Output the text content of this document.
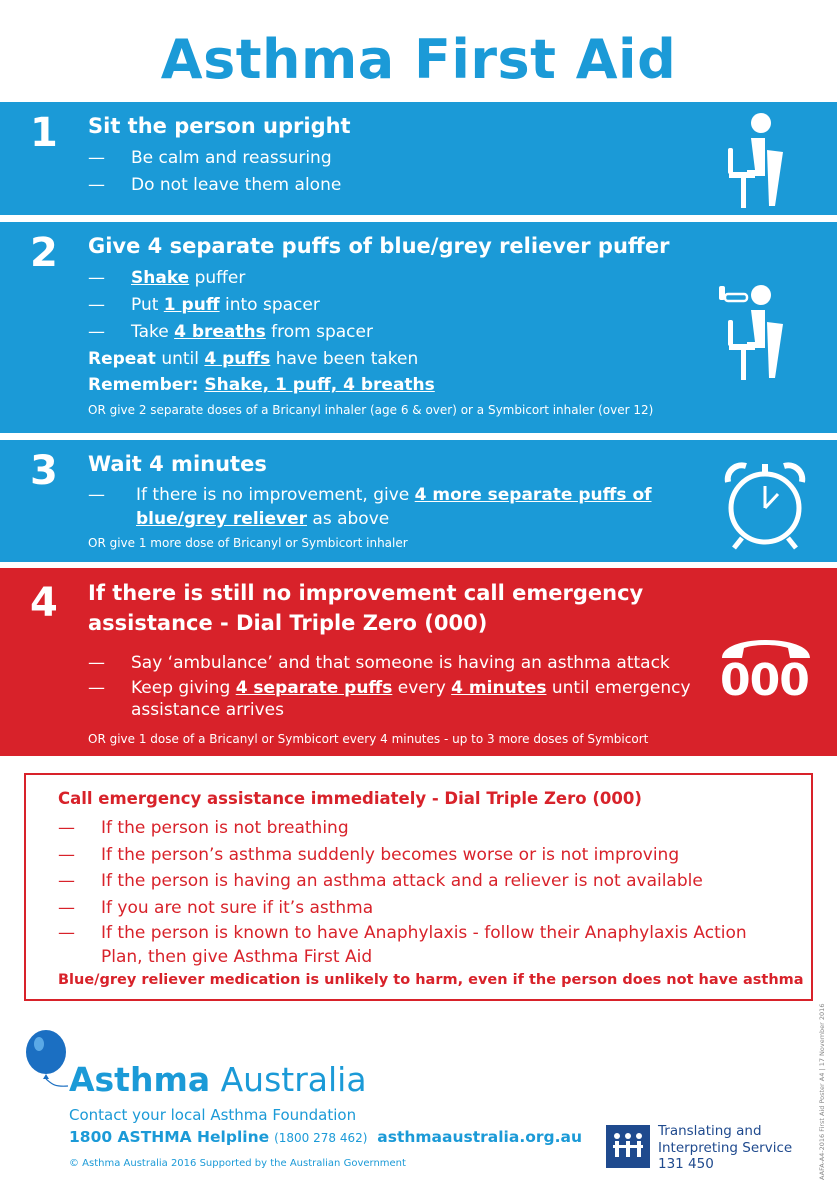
Asthma First Aid
1 Sit the person upright
— Be calm and reassuring
— Do not leave them alone
2 Give 4 separate puffs of blue/grey reliever puffer
— Shake puffer
— Put 1 puff into spacer
— Take 4 breaths from spacer
Repeat until 4 puffs have been taken
Remember: Shake, 1 puff, 4 breaths
OR give 2 separate doses of a Bricanyl inhaler (age 6 & over) or a Symbicort inhaler (over 12)
3 Wait 4 minutes
— If there is no improvement, give 4 more separate puffs of
blue/grey reliever as above
OR give 1 more dose of Bricanyl or Symbicort inhaler
4 If there is still no improvement call emergency
assistance - Dial Triple Zero (000)
— Say ‘ambulance’ and that someone is having an asthma attack
— Keep giving 4 separate puffs every 4 minutes until emergency
assistance arrives
OR give 1 dose of a Bricanyl or Symbicort every 4 minutes - up to 3 more doses of Symbicort
000
Call emergency assistance immediately - Dial Triple Zero (000)
— If the person is not breathing
— If the person’s asthma suddenly becomes worse or is not improving
— If the person is having an asthma attack and a reliever is not available
— If you are not sure if it’s asthma
— If the person is known to have Anaphylaxis - follow their Anaphylaxis Action
Plan, then give Asthma First Aid
Blue/grey reliever medication is unlikely to harm, even if the person does not have asthma
Asthma Australia
Contact your local Asthma Foundation
1800 ASTHMA Helpline (1800 278 462) asthmaaustralia.org.au
© Asthma Australia 2016 Supported by the Australian Government
Translating and
Interpreting Service
131 450	AAFA-A4-2016 First Aid Poster A4 | 17 November 2016
